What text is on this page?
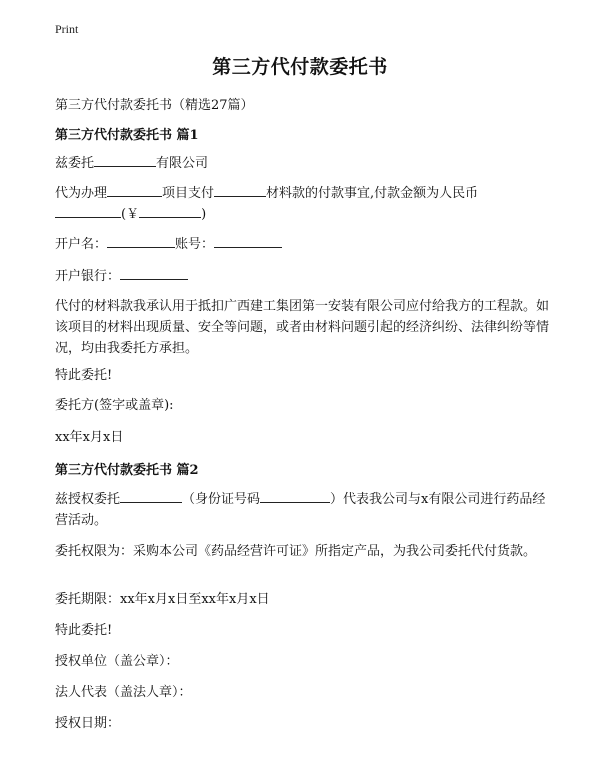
Print
第三方代付款委托书
第三方代付款委托书（精选27篇）
第三方代付款委托书 篇1
兹委托	有限公司
代为办理	项目支付	材料款的付款事宜,付款金额为人民币
(￥	)
开户名：	账号：
开户银行：
代付的材料款我承认用于抵扣广西建工集团第一安装有限公司应付给我方的工程款。如该项目的材料出现质量、安全等问题，或者由材料问题引起的经济纠纷、法律纠纷等情况，均由我委托方承担。
特此委托!
委托方(签字或盖章):
xx年x月x日
第三方代付款委托书 篇2
兹授权委托	（身份证号码	）代表我公司与x有限公司进行药品经营活动。
委托权限为：采购本公司《药品经营许可证》所指定产品，为我公司委托代付货款。
委托期限：xx年x月x日至xx年x月x日
特此委托!
授权单位（盖公章）：
法人代表（盖法人章）：
授权日期：
